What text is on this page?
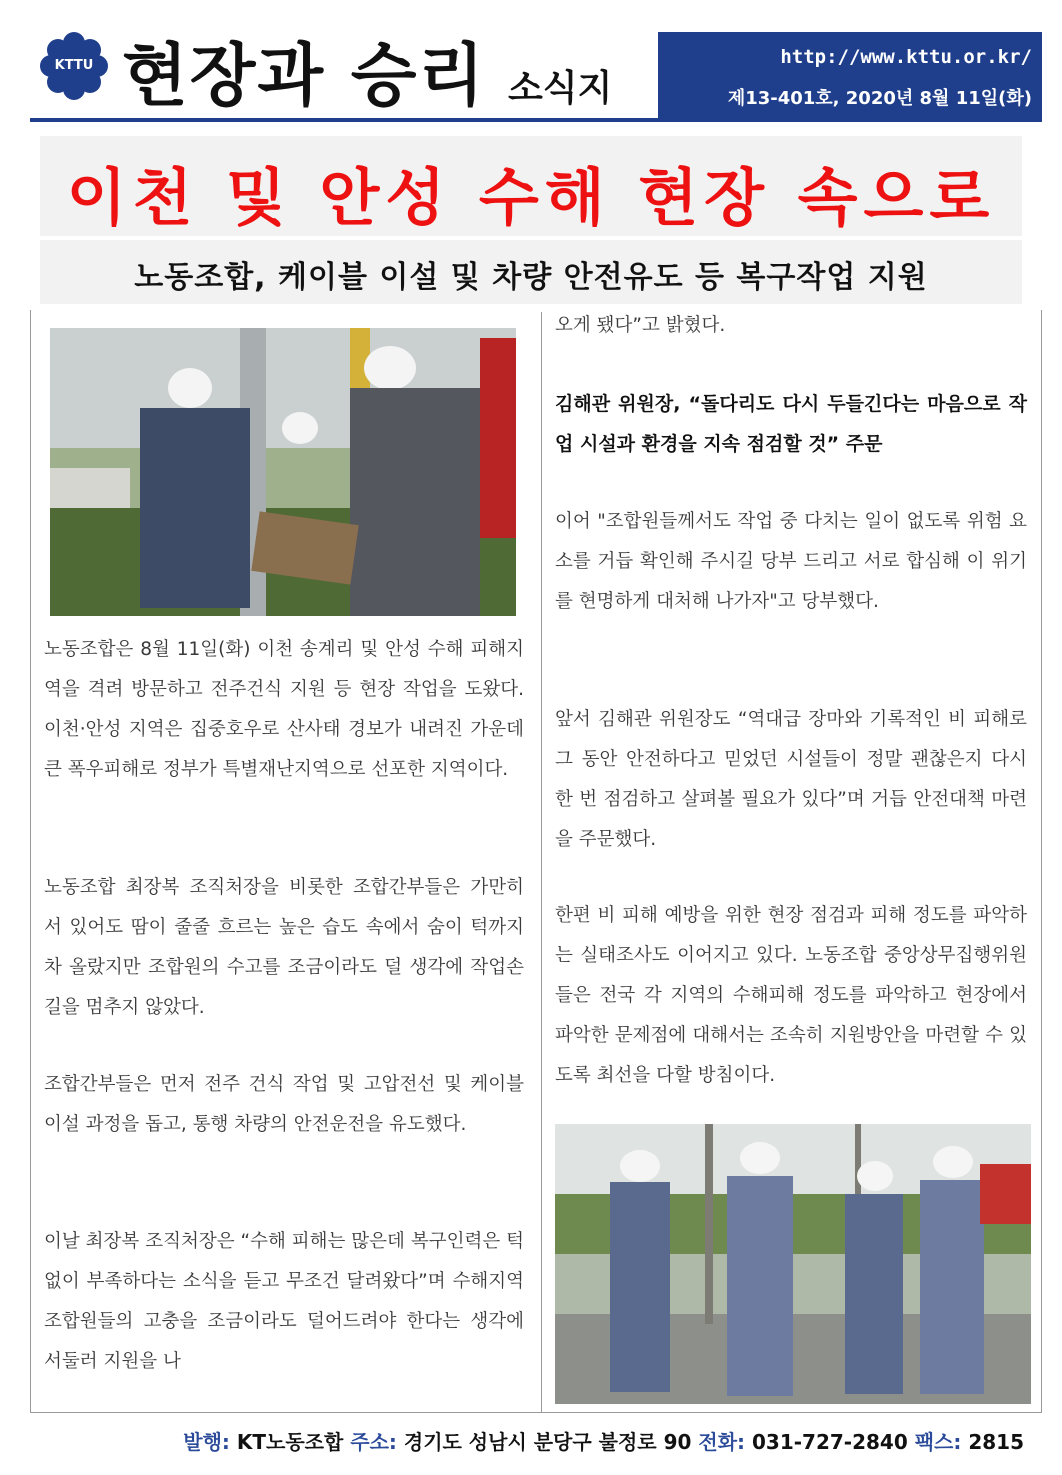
KTTU 현장과 승리 소식지
http://www.kttu.or.kr/
제13-401호, 2020년 8월 11일(화)
이천 및 안성 수해 현장 속으로
노동조합, 케이블 이설 및 차량 안전유도 등 복구작업 지원
노동조합은 8월 11일(화) 이천 송계리 및 안성 수해 피해지역을 격려 방문하고 전주건식 지원 등 현장 작업을 도왔다. 이천·안성 지역은 집중호우로 산사태 경보가 내려진 가운데 큰 폭우피해로 정부가 특별재난지역으로 선포한 지역이다.
노동조합 최장복 조직처장을 비롯한 조합간부들은 가만히 서 있어도 땀이 줄줄 흐르는 높은 습도 속에서 숨이 턱까지 차 올랐지만 조합원의 수고를 조금이라도 덜 생각에 작업손길을 멈추지 않았다.
조합간부들은 먼저 전주 건식 작업 및 고압전선 및 케이블 이설 과정을 돕고, 통행 차량의 안전운전을 유도했다.
이날 최장복 조직처장은 “수해 피해는 많은데 복구인력은 턱 없이 부족하다는 소식을 듣고 무조건 달려왔다”며 수해지역 조합원들의 고충을 조금이라도 덜어드려야 한다는 생각에 서둘러 지원을 나
오게 됐다”고 밝혔다.
김해관 위원장, “돌다리도 다시 두들긴다는 마음으로 작업 시설과 환경을 지속 점검할 것” 주문
이어 "조합원들께서도 작업 중 다치는 일이 없도록 위험 요소를 거듭 확인해 주시길 당부 드리고 서로 합심해 이 위기를 현명하게 대처해 나가자"고 당부했다.
앞서 김해관 위원장도 “역대급 장마와 기록적인 비 피해로 그 동안 안전하다고 믿었던 시설들이 정말 괜찮은지 다시 한 번 점검하고 살펴볼 필요가 있다”며 거듭 안전대책 마련을 주문했다.
한편 비 피해 예방을 위한 현장 점검과 피해 정도를 파악하는 실태조사도 이어지고 있다. 노동조합 중앙상무집행위원들은 전국 각 지역의 수해피해 정도를 파악하고 현장에서 파악한 문제점에 대해서는 조속히 지원방안을 마련할 수 있도록 최선을 다할 방침이다.
발행: KT노동조합 주소: 경기도 성남시 분당구 불정로 90 전화: 031-727-2840 팩스: 2815
